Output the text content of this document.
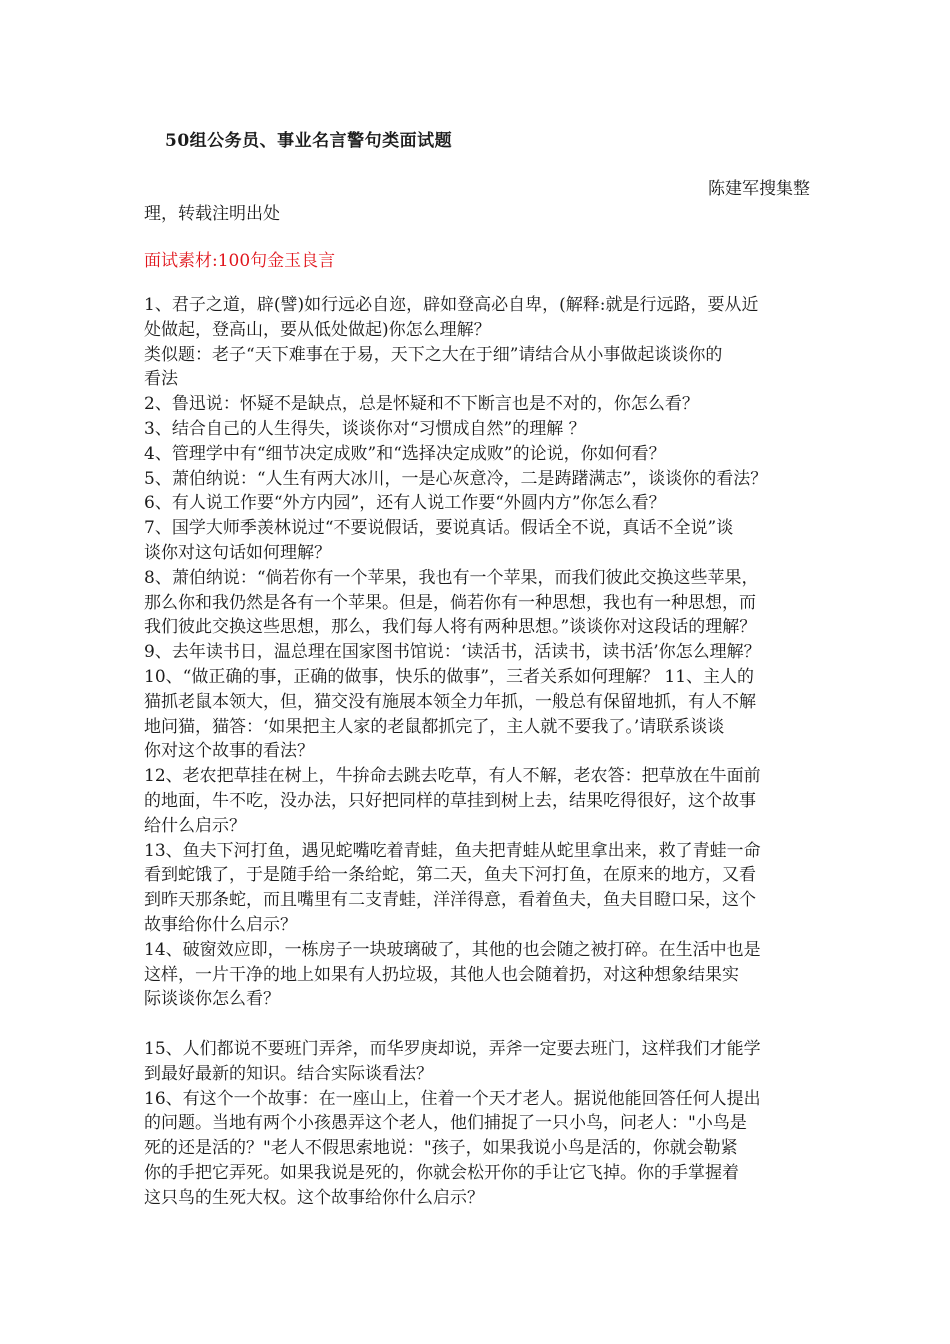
50组公务员、事业名言警句类面试题
陈建军搜集整
理，转载注明出处
面试素材:100句金玉良言

1、君子之道，辟(譬)如行远必自迩，辟如登高必自卑，(解释:就是行远路，要从近

处做起，登高山，要从低处做起)你怎么理解？

类似题：老子“天下难事在于易，天下之大在于细”请结合从小事做起谈谈你的

看法

2、鲁迅说：怀疑不是缺点，总是怀疑和不下断言也是不对的，你怎么看？

3、结合自己的人生得失，谈谈你对“习惯成自然”的理解 ？

4、管理学中有“细节决定成败”和“选择决定成败”的论说，你如何看？

5、萧伯纳说：“人生有两大冰川，一是心灰意冷，二是踌躇满志”，谈谈你的看法？

6、有人说工作要“外方内园”，还有人说工作要“外圆内方”你怎么看？

7、国学大师季羡林说过“不要说假话，要说真话。假话全不说，真话不全说”谈

谈你对这句话如何理解？

8、萧伯纳说：“倘若你有一个苹果，我也有一个苹果，而我们彼此交换这些苹果，

那么你和我仍然是各有一个苹果。但是，倘若你有一种思想，我也有一种思想，而

我们彼此交换这些思想，那么，我们每人将有两种思想。”谈谈你对这段话的理解？

9、去年读书日，温总理在国家图书馆说：‘读活书，活读书，读书活’你怎么理解？

10、“做正确的事，正确的做事，快乐的做事”，三者关系如何理解？ 11、主人的

猫抓老鼠本领大，但，猫交没有施展本领全力年抓，一般总有保留地抓，有人不解

地问猫，猫答：‘如果把主人家的老鼠都抓完了，主人就不要我了。’请联系谈谈

你对这个故事的看法？

12、老农把草挂在树上，牛拚命去跳去吃草，有人不解，老农答：把草放在牛面前

的地面，牛不吃，没办法，只好把同样的草挂到树上去，结果吃得很好，这个故事

给什么启示？

13、鱼夫下河打鱼，遇见蛇嘴吃着青蛙，鱼夫把青蛙从蛇里拿出来，救了青蛙一命

看到蛇饿了，于是随手给一条给蛇，第二天，鱼夫下河打鱼，在原来的地方，又看

到昨天那条蛇，而且嘴里有二支青蛙，洋洋得意，看着鱼夫，鱼夫目瞪口呆，这个

故事给你什么启示？

14、破窗效应即，一栋房子一块玻璃破了，其他的也会随之被打碎。在生活中也是

这样，一片干净的地上如果有人扔垃圾，其他人也会随着扔，对这种想象结果实

际谈谈你怎么看？

15、人们都说不要班门弄斧，而华罗庚却说，弄斧一定要去班门，这样我们才能学

到最好最新的知识。结合实际谈看法？

16、有这个一个故事：在一座山上，住着一个天才老人。据说他能回答任何人提出

的问题。当地有两个小孩愚弄这个老人，他们捕捉了一只小鸟，问老人："小鸟是

死的还是活的？"老人不假思索地说："孩子，如果我说小鸟是活的，你就会勒紧

你的手把它弄死。如果我说是死的，你就会松开你的手让它飞掉。你的手掌握着

这只鸟的生死大权。这个故事给你什么启示？
